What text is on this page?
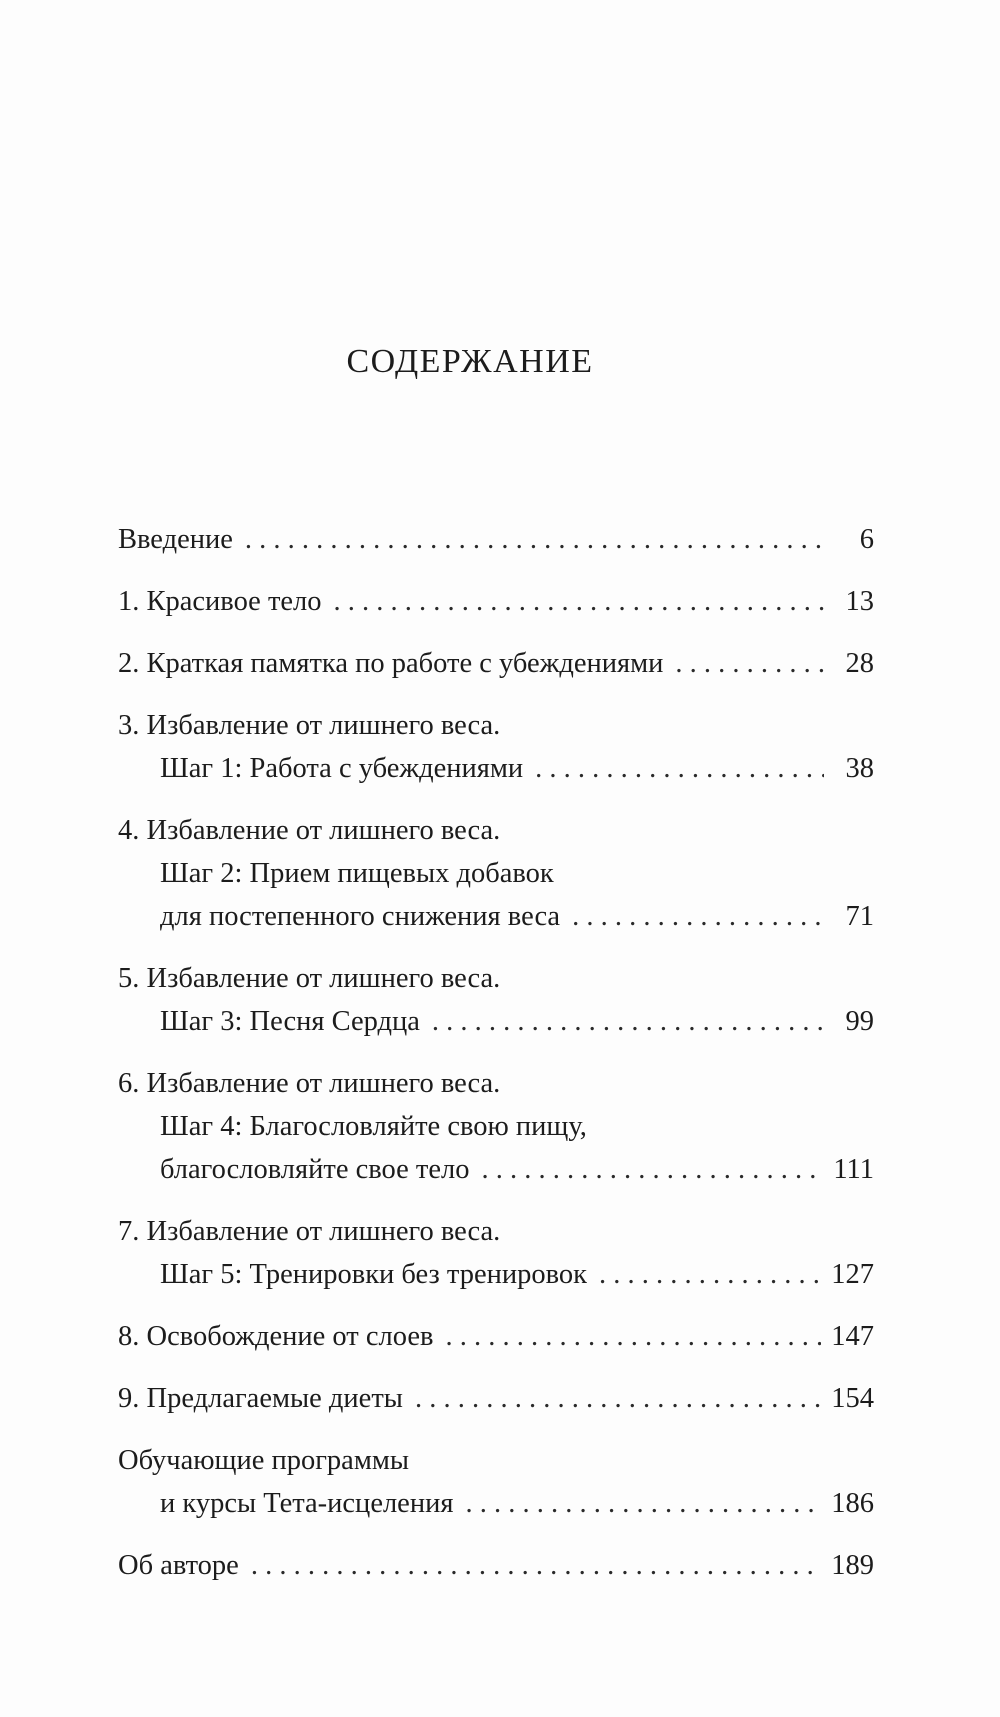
СОДЕРЖАНИЕ
Введение . . .	6
1. Красивое тело . . .	13
2. Краткая памятка по работе с убеждениями . . .	28
3. Избавление от лишнего веса.
Шаг 1: Работа с убеждениями . . .	38
4. Избавление от лишнего веса.
Шаг 2: Прием пищевых добавок
для постепенного снижения веса . . .	71
5. Избавление от лишнего веса.
Шаг 3: Песня Сердца . . .	99
6. Избавление от лишнего веса.
Шаг 4: Благословляйте свою пищу,
благословляйте свое тело . . .	111
7. Избавление от лишнего веса.
Шаг 5: Тренировки без тренировок . . .	127
8. Освобождение от слоев . . .	147
9. Предлагаемые диеты . . .	154
Обучающие программы
и курсы Тета-исцеления . . .	186
Об авторе . . .	189
